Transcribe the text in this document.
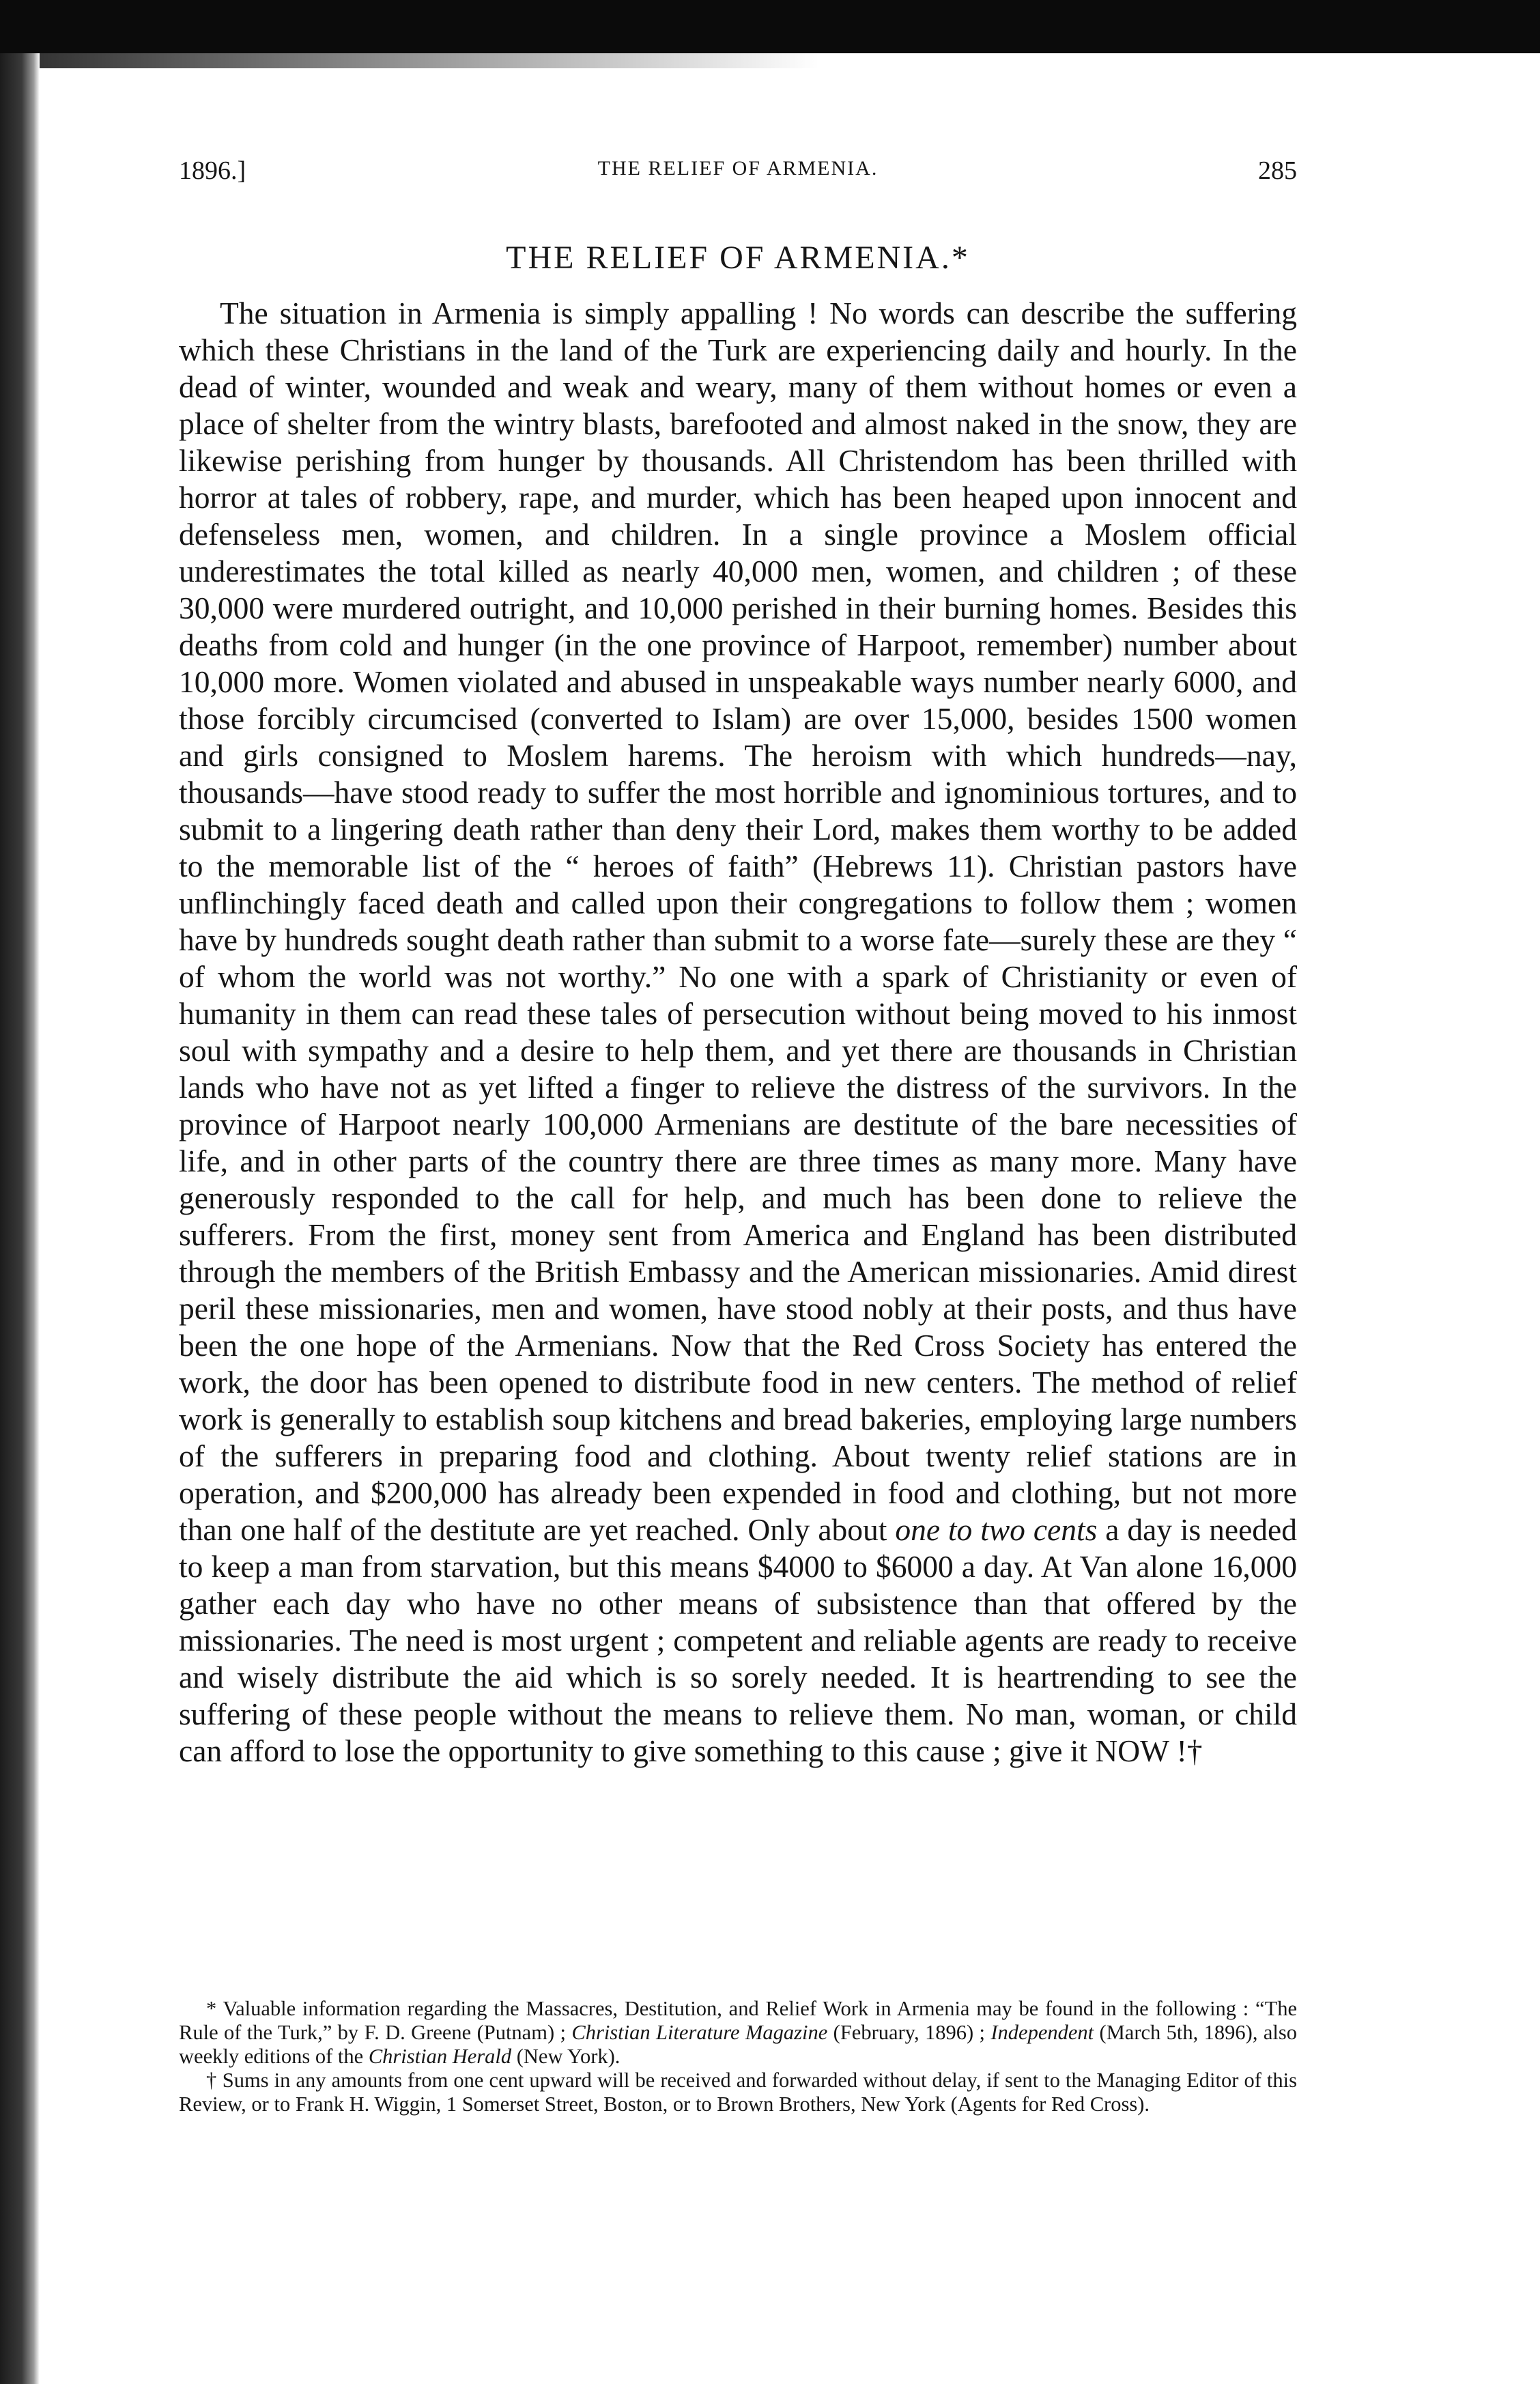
1896.]	THE RELIEF OF ARMENIA.	285
THE RELIEF OF ARMENIA.*

The situation in Armenia is simply appalling ! No words can describe the suffering which these Christians in the land of the Turk are experiencing daily and hourly. In the dead of winter, wounded and weak and weary, many of them without homes or even a place of shelter from the wintry blasts, barefooted and almost naked in the snow, they are likewise perishing from hunger by thousands. All Christendom has been thrilled with horror at tales of robbery, rape, and murder, which has been heaped upon innocent and defenseless men, women, and children. In a single province a Moslem official underestimates the total killed as nearly 40,000 men, women, and children ; of these 30,000 were murdered outright, and 10,000 perished in their burning homes. Besides this deaths from cold and hunger (in the one province of Harpoot, remember) number about 10,000 more. Women violated and abused in unspeakable ways number nearly 6000, and those forcibly circumcised (converted to Islam) are over 15,000, besides 1500 women and girls consigned to Moslem harems. The heroism with which hundreds—nay, thousands—have stood ready to suffer the most horrible and ignominious tortures, and to submit to a lingering death rather than deny their Lord, makes them worthy to be added to the memorable list of the “ heroes of faith” (Hebrews 11). Christian pastors have unflinchingly faced death and called upon their congregations to follow them ; women have by hundreds sought death rather than submit to a worse fate—surely these are they “ of whom the world was not worthy.” No one with a spark of Christianity or even of humanity in them can read these tales of persecution without being moved to his inmost soul with sympathy and a desire to help them, and yet there are thousands in Christian lands who have not as yet lifted a finger to relieve the distress of the survivors. In the province of Harpoot nearly 100,000 Armenians are destitute of the bare necessities of life, and in other parts of the country there are three times as many more. Many have generously responded to the call for help, and much has been done to relieve the sufferers. From the first, money sent from America and England has been distributed through the members of the British Embassy and the American missionaries. Amid direst peril these missionaries, men and women, have stood nobly at their posts, and thus have been the one hope of the Armenians. Now that the Red Cross Society has entered the work, the door has been opened to distribute food in new centers. The method of relief work is generally to establish soup kitchens and bread bakeries, employing large numbers of the sufferers in preparing food and clothing. About twenty relief stations are in operation, and $200,000 has already been expended in food and clothing, but not more than one half of the destitute are yet reached. Only about one to two cents a day is needed to keep a man from starvation, but this means $4000 to $6000 a day. At Van alone 16,000 gather each day who have no other means of subsistence than that offered by the missionaries. The need is most urgent ; competent and reliable agents are ready to receive and wisely distribute the aid which is so sorely needed. It is heartrending to see the suffering of these people without the means to relieve them. No man, woman, or child can afford to lose the opportunity to give something to this cause ; give it NOW !†

* Valuable information regarding the Massacres, Destitution, and Relief Work in Armenia may be found in the following : “The Rule of the Turk,” by F. D. Greene (Putnam) ; Christian Literature Magazine (February, 1896) ; Independent (March 5th, 1896), also weekly editions of the Christian Herald (New York).

† Sums in any amounts from one cent upward will be received and forwarded without delay, if sent to the Managing Editor of this Review, or to Frank H. Wiggin, 1 Somerset Street, Boston, or to Brown Brothers, New York (Agents for Red Cross).
